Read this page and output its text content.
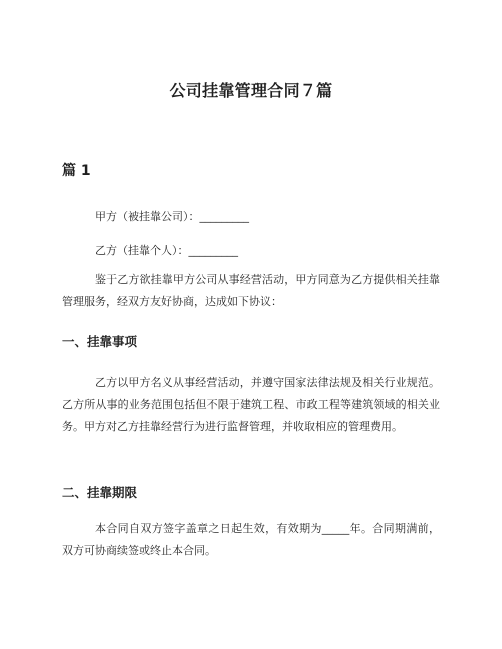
公司挂靠管理合同７篇
篇 1

甲方（被挂靠公司）：_________

乙方（挂靠个人）：_________

鉴于乙方欲挂靠甲方公司从事经营活动，甲方同意为乙方提供相关挂靠管理服务，经双方友好协商，达成如下协议：

一、挂靠事项

乙方以甲方名义从事经营活动，并遵守国家法律法规及相关行业规范。乙方所从事的业务范围包括但不限于建筑工程、市政工程等建筑领域的相关业务。甲方对乙方挂靠经营行为进行监督管理，并收取相应的管理费用。

二、挂靠期限

本合同自双方签字盖章之日起生效，有效期为_____年。合同期满前，双方可协商续签或终止本合同。
